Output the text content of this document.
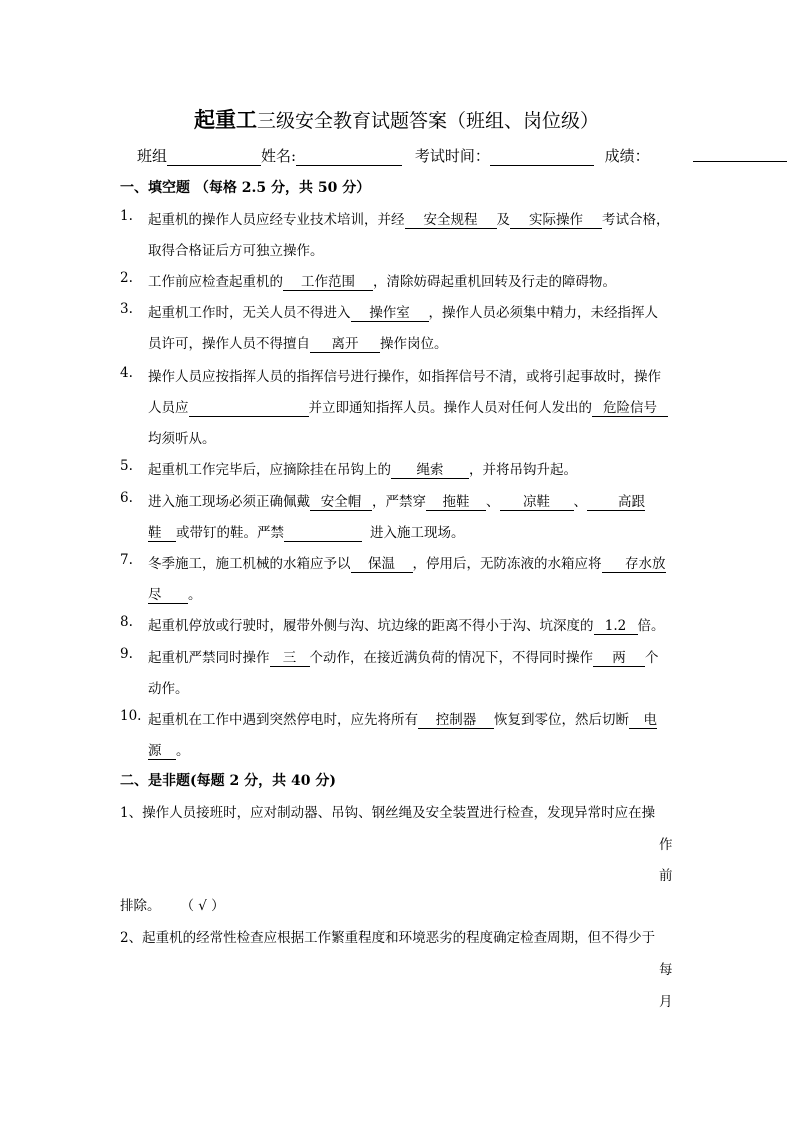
起重工三级安全教育试题答案（班组、岗位级）
班组	姓名:	考试时间：	成绩：
一、填空题 （每格 2.5 分，共 50 分）
1. 起重机的操作人员应经专业技术培训，并经 安全规程 及 实际操作 考试合格，
取得合格证后方可独立操作。
2. 工作前应检查起重机的 工作范围 ，清除妨碍起重机回转及行走的障碍物。
3. 起重机工作时，无关人员不得进入 操作室 ，操作人员必须集中精力，未经指挥人
员许可，操作人员不得擅自 离开 操作岗位。
4. 操作人员应按指挥人员的指挥信号进行操作，如指挥信号不清，或将引起事故时，操作
人员应	并立即通知指挥人员。操作人员对任何人发出的 危险信号
均须听从。
5. 起重机工作完毕后，应摘除挂在吊钩上的 绳索 ，并将吊钩升起。
6. 进入施工现场必须正确佩戴 安全帽 ，严禁穿 拖鞋 、 凉鞋 、 高跟
鞋 或带钉的鞋。严禁	进入施工现场。
7. 冬季施工，施工机械的水箱应予以 保温 ，停用后，无防冻液的水箱应将 存水放
尽 。
8. 起重机停放或行驶时，履带外侧与沟、坑边缘的距离不得小于沟、坑深度的 1.2 倍。
9. 起重机严禁同时操作 三 个动作，在接近满负荷的情况下，不得同时操作 两 个
动作。
10. 起重机在工作中遇到突然停电时，应先将所有 控制器 恢复到零位，然后切断 电
源 。
二、是非题(每题 2 分，共 40 分)
1、操作人员接班时，应对制动器、吊钩、钢丝绳及安全装置进行检查，发现异常时应在操
作
前
排除。 （ √ ）
2、起重机的经常性检查应根据工作繁重程度和环境恶劣的程度确定检查周期，但不得少于
每
月
